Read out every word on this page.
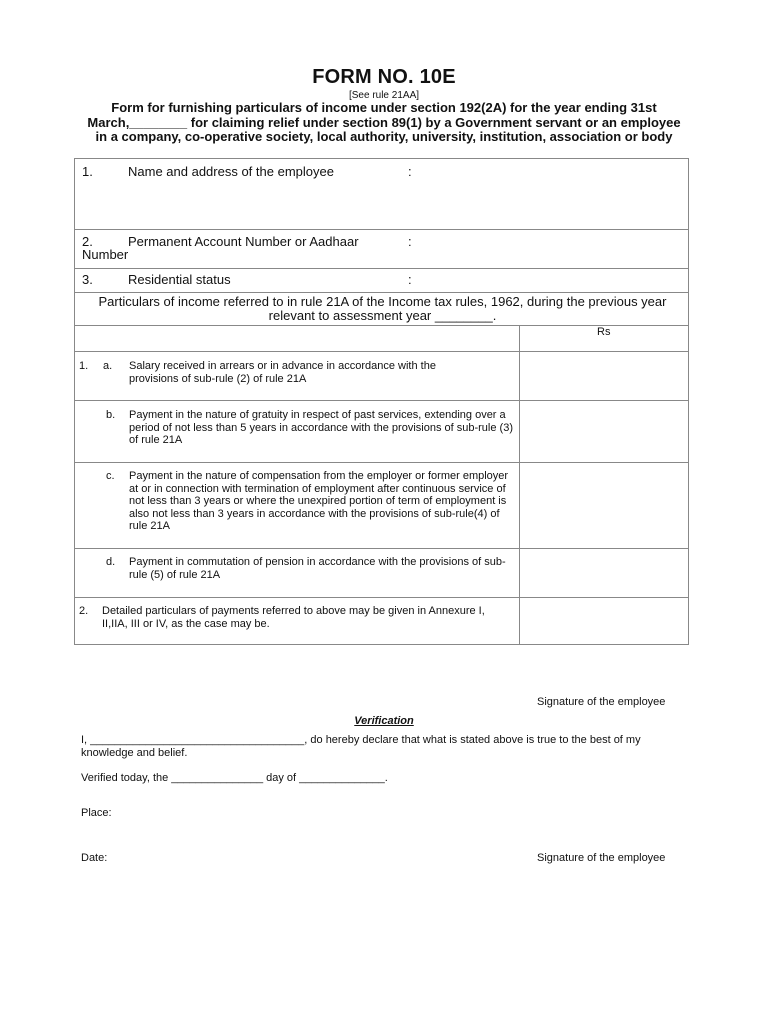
FORM NO. 10E
[See rule 21AA]
Form for furnishing particulars of income under section 192(2A) for the year ending 31st March,________ for claiming relief under section 89(1) by a Government servant or an employee in a company, co-operative society, local authority, university, institution, association or body
1.	Name and address of the employee	:
2.	Permanent Account Number or Aadhaar	:
Number
3.	Residential status	:
Particulars of income referred to in rule 21A of the Income tax rules, 1962, during the previous year relevant to assessment year ________.
Rs
1. a. Salary received in arrears or in advance in accordance with the provisions of sub-rule (2) of rule 21A
b. Payment in the nature of gratuity in respect of past services, extending over a period of not less than 5 years in accordance with the provisions of sub-rule (3) of rule 21A
c. Payment in the nature of compensation from the employer or former employer at or in connection with termination of employment after continuous service of not less than 3 years or where the unexpired portion of term of employment is also not less than 3 years in accordance with the provisions of sub-rule(4) of rule 21A
d. Payment in commutation of pension in accordance with the provisions of sub-rule (5) of rule 21A
2. Detailed particulars of payments referred to above may be given in Annexure I, II,IIA, III or IV, as the case may be.
Signature of the employee
Verification
I, ___________________________________, do hereby declare that what is stated above is true to the best of my
knowledge and belief.
Verified today, the _______________ day of ______________.
Place:
Date:	Signature of the employee
